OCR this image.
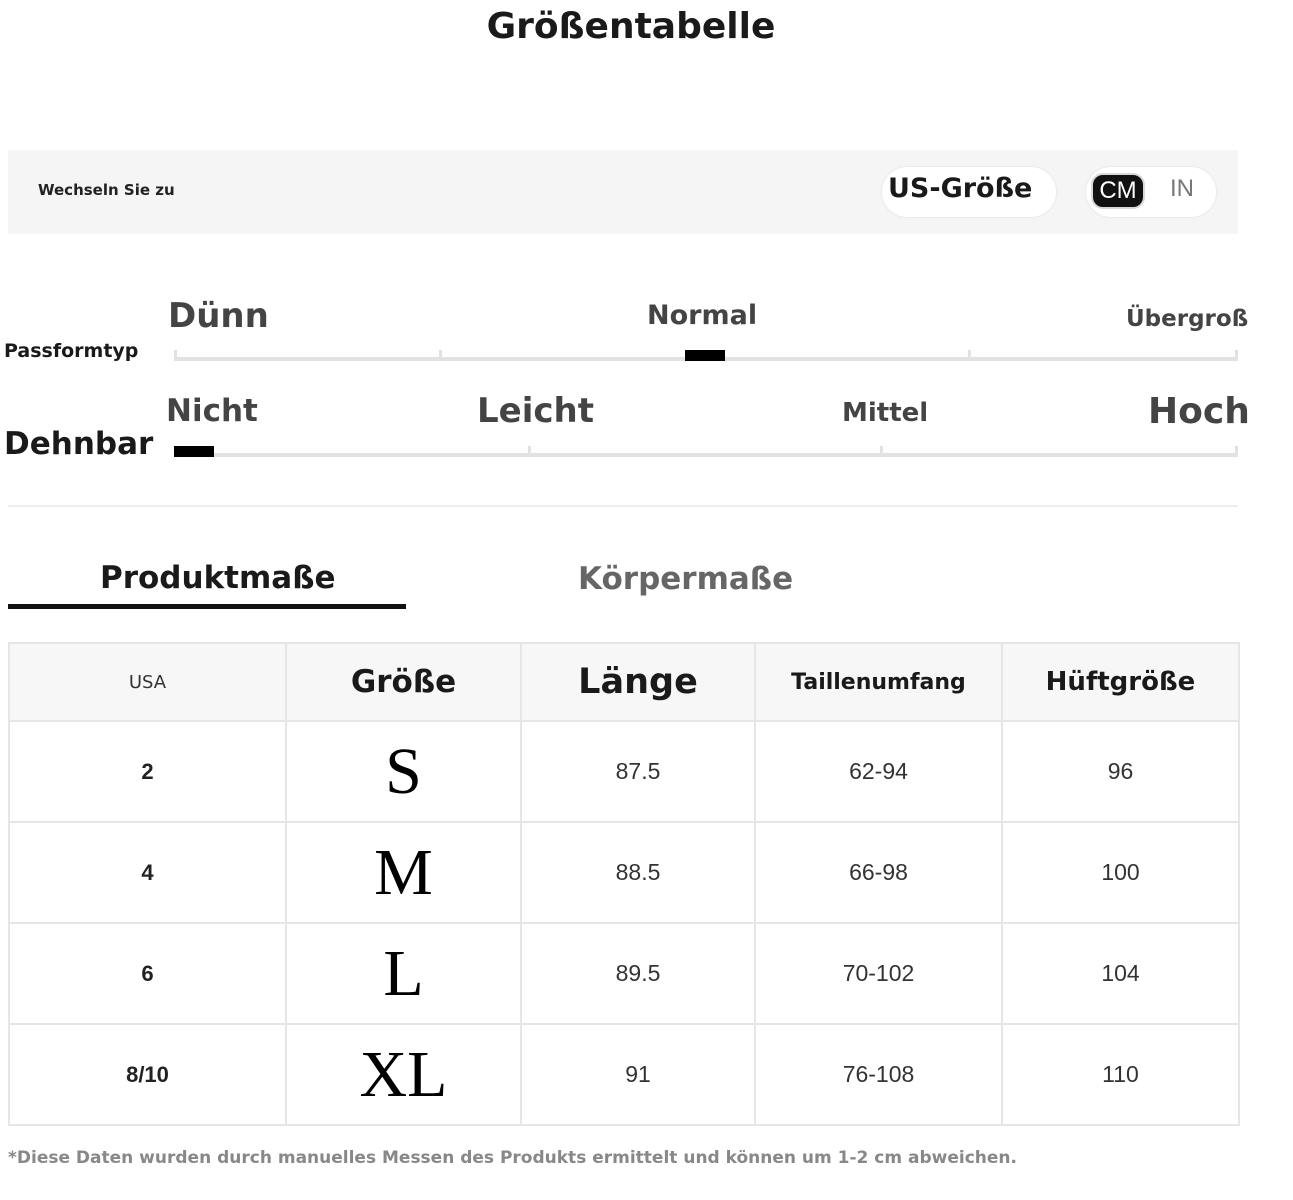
Größentabelle
Wechseln Sie zu	US-Größe	CM	IN
Passformtyp
Dünn	Normal	Übergroß
Dehnbar
Nicht	Leicht	Mittel	Hoch
Produktmaße	Körpermaße
USA	Größe	Länge	Taillenumfang	Hüftgröße
2	S	87.5	62-94	96
4	M	88.5	66-98	100
6	L	89.5	70-102	104
8/10	XL	91	76-108	110
*Diese Daten wurden durch manuelles Messen des Produkts ermittelt und können um 1-2 cm abweichen.
